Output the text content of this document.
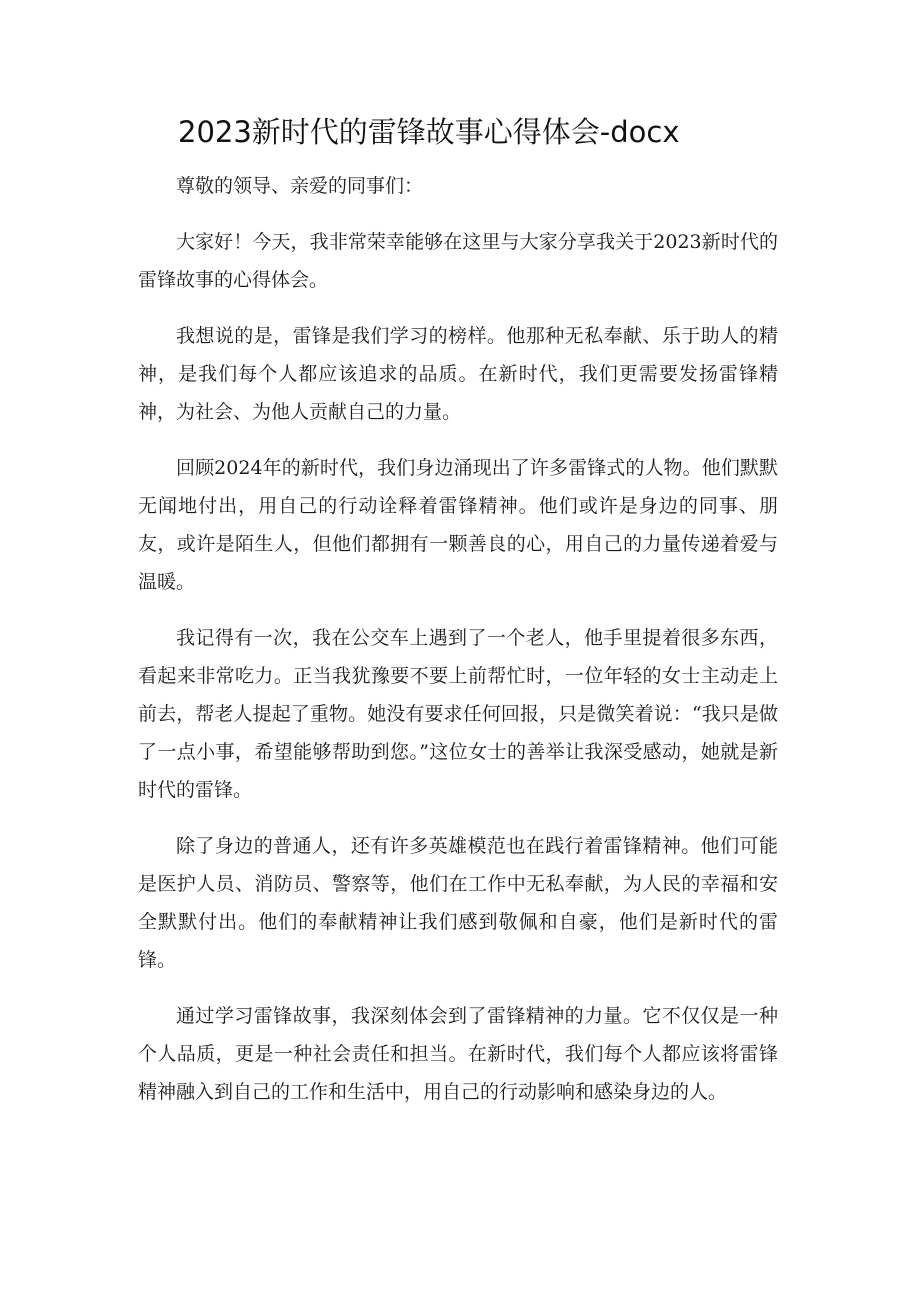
2023新时代的雷锋故事心得体会-docx

尊敬的领导、亲爱的同事们：

大家好！今天，我非常荣幸能够在这里与大家分享我关于2023新时代的雷锋故事的心得体会。

我想说的是，雷锋是我们学习的榜样。他那种无私奉献、乐于助人的精神，是我们每个人都应该追求的品质。在新时代，我们更需要发扬雷锋精神，为社会、为他人贡献自己的力量。

回顾2024年的新时代，我们身边涌现出了许多雷锋式的人物。他们默默无闻地付出，用自己的行动诠释着雷锋精神。他们或许是身边的同事、朋友，或许是陌生人，但他们都拥有一颗善良的心，用自己的力量传递着爱与温暖。

我记得有一次，我在公交车上遇到了一个老人，他手里提着很多东西，看起来非常吃力。正当我犹豫要不要上前帮忙时，一位年轻的女士主动走上前去，帮老人提起了重物。她没有要求任何回报，只是微笑着说：“我只是做了一点小事，希望能够帮助到您。”这位女士的善举让我深受感动，她就是新时代的雷锋。

除了身边的普通人，还有许多英雄模范也在践行着雷锋精神。他们可能是医护人员、消防员、警察等，他们在工作中无私奉献，为人民的幸福和安全默默付出。他们的奉献精神让我们感到敬佩和自豪，他们是新时代的雷锋。

通过学习雷锋故事，我深刻体会到了雷锋精神的力量。它不仅仅是一种个人品质，更是一种社会责任和担当。在新时代，我们每个人都应该将雷锋精神融入到自己的工作和生活中，用自己的行动影响和感染身边的人。
